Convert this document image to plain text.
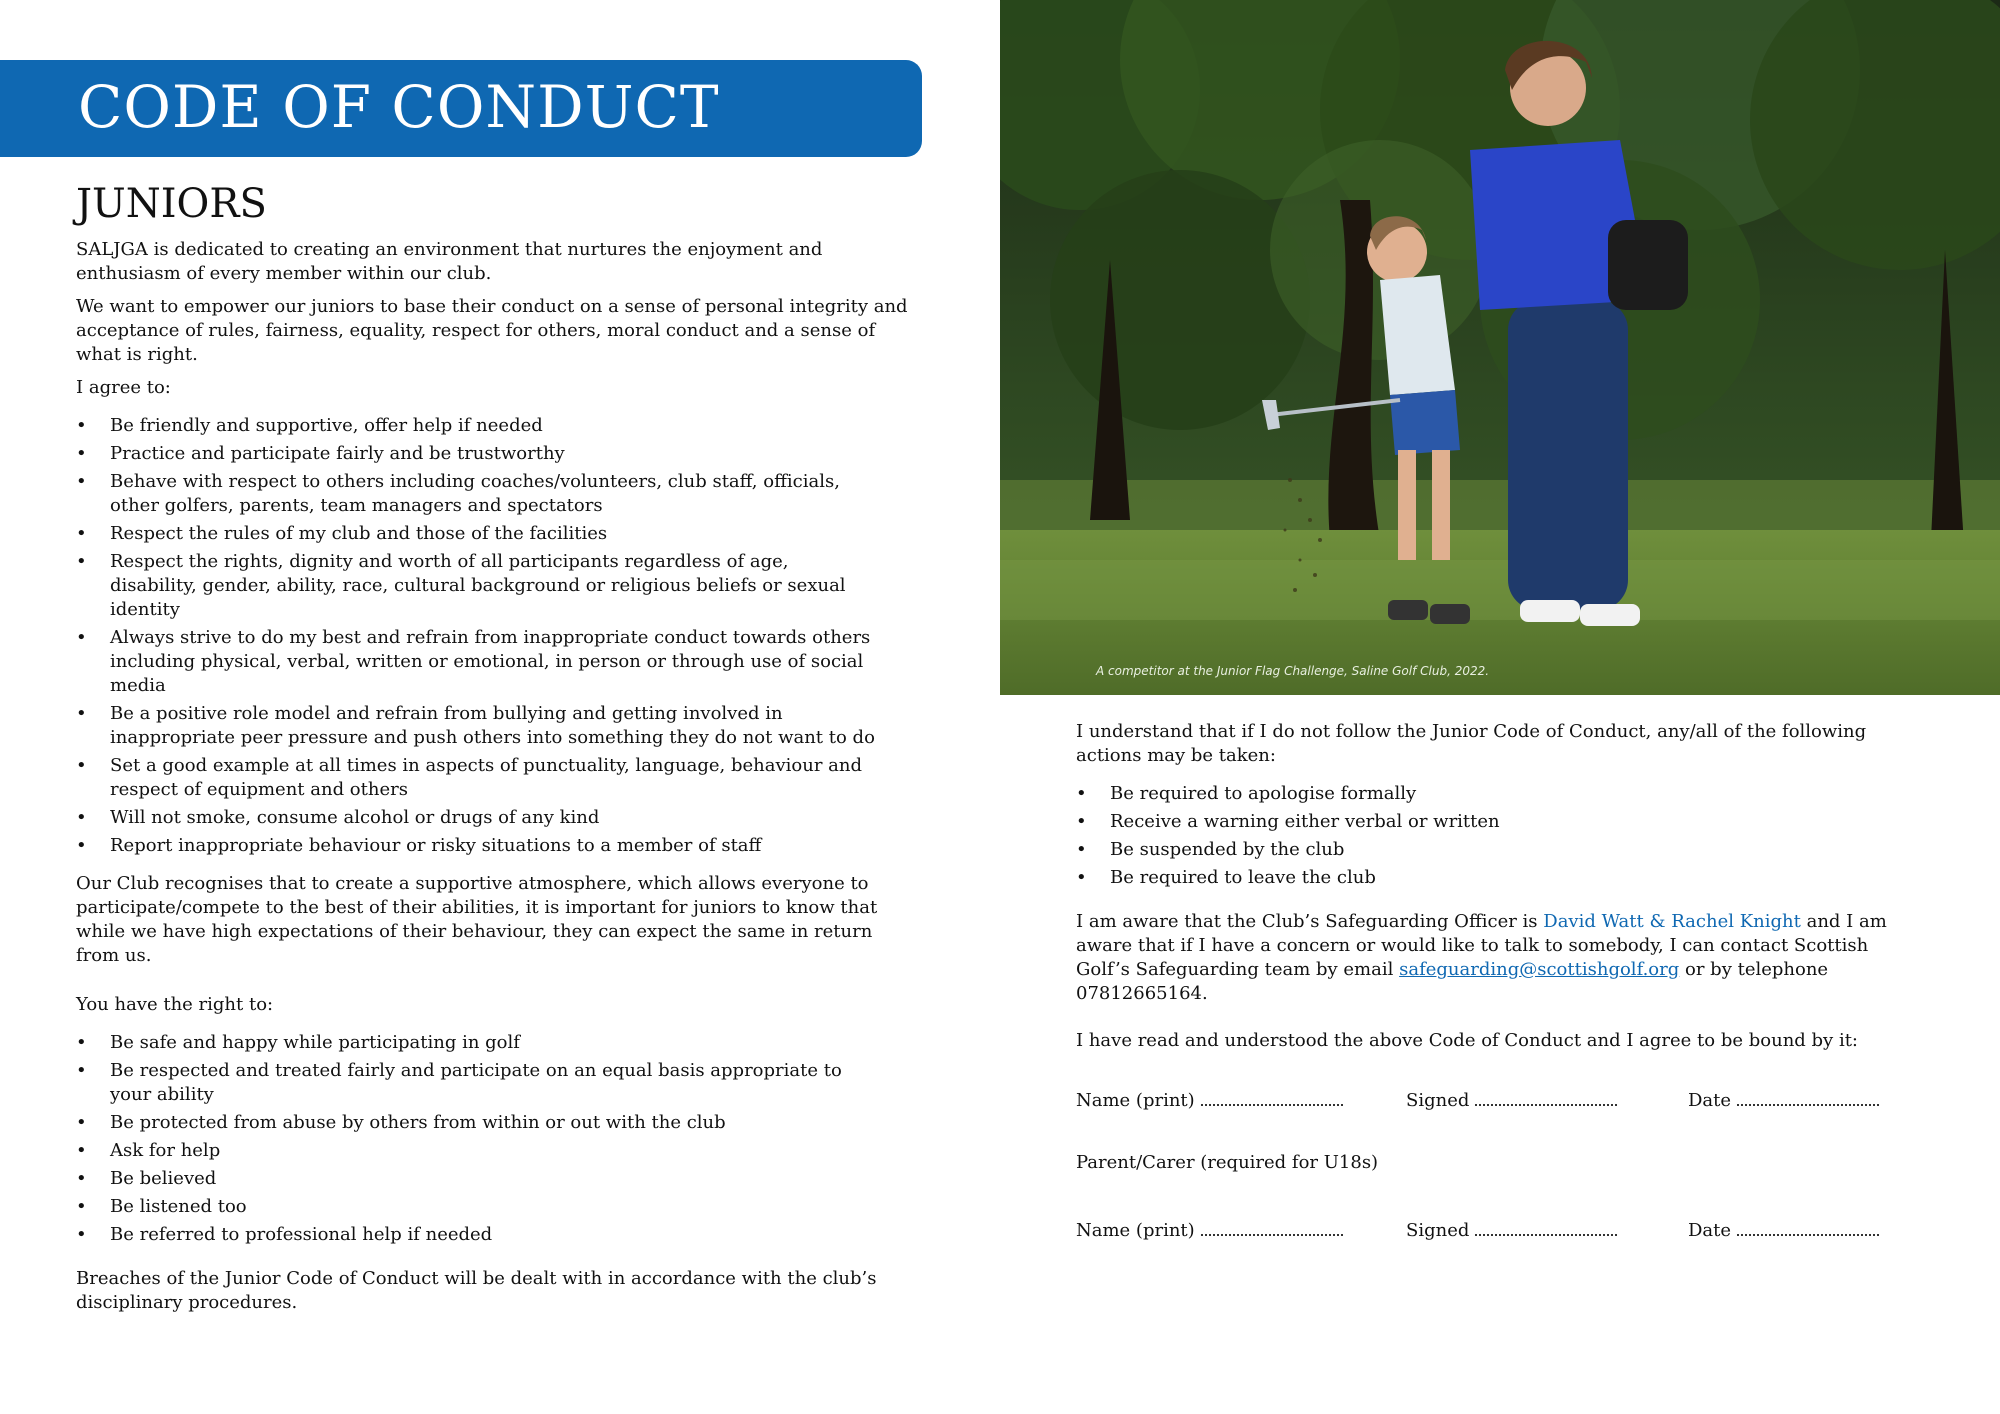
CODE OF CONDUCT
JUNIORS

SALJGA is dedicated to creating an environment that nurtures the enjoyment and enthusiasm of every member within our club.

We want to empower our juniors to base their conduct on a sense of personal integrity and acceptance of rules, fairness, equality, respect for others, moral conduct and a sense of what is right.

I agree to:

• Be friendly and supportive, offer help if needed
• Practice and participate fairly and be trustworthy
• Behave with respect to others including coaches/volunteers, club staff, officials, other golfers, parents, team managers and spectators
• Respect the rules of my club and those of the facilities
• Respect the rights, dignity and worth of all participants regardless of age, disability, gender, ability, race, cultural background or religious beliefs or sexual identity
• Always strive to do my best and refrain from inappropriate conduct towards others including physical, verbal, written or emotional, in person or through use of social media
• Be a positive role model and refrain from bullying and getting involved in inappropriate peer pressure and push others into something they do not want to do
• Set a good example at all times in aspects of punctuality, language, behaviour and respect of equipment and others
• Will not smoke, consume alcohol or drugs of any kind
• Report inappropriate behaviour or risky situations to a member of staff

Our Club recognises that to create a supportive atmosphere, which allows everyone to participate/compete to the best of their abilities, it is important for juniors to know that while we have high expectations of their behaviour, they can expect the same in return from us.

You have the right to:

• Be safe and happy while participating in golf
• Be respected and treated fairly and participate on an equal basis appropriate to your ability
• Be protected from abuse by others from within or out with the club
• Ask for help
• Be believed
• Be listened too
• Be referred to professional help if needed

Breaches of the Junior Code of Conduct will be dealt with in accordance with the club’s disciplinary procedures.

A competitor at the Junior Flag Challenge, Saline Golf Club, 2022.

I understand that if I do not follow the Junior Code of Conduct, any/all of the following actions may be taken:

• Be required to apologise formally
• Receive a warning either verbal or written
• Be suspended by the club
• Be required to leave the club

I am aware that the Club’s Safeguarding Officer is David Watt & Rachel Knight and I am aware that if I have a concern or would like to talk to somebody, I can contact Scottish Golf’s Safeguarding team by email safeguarding@scottishgolf.org or by telephone 07812665164.

I have read and understood the above Code of Conduct and I agree to be bound by it:

Name (print)	Signed	Date

Parent/Carer (required for U18s)

Name (print)	Signed	Date
